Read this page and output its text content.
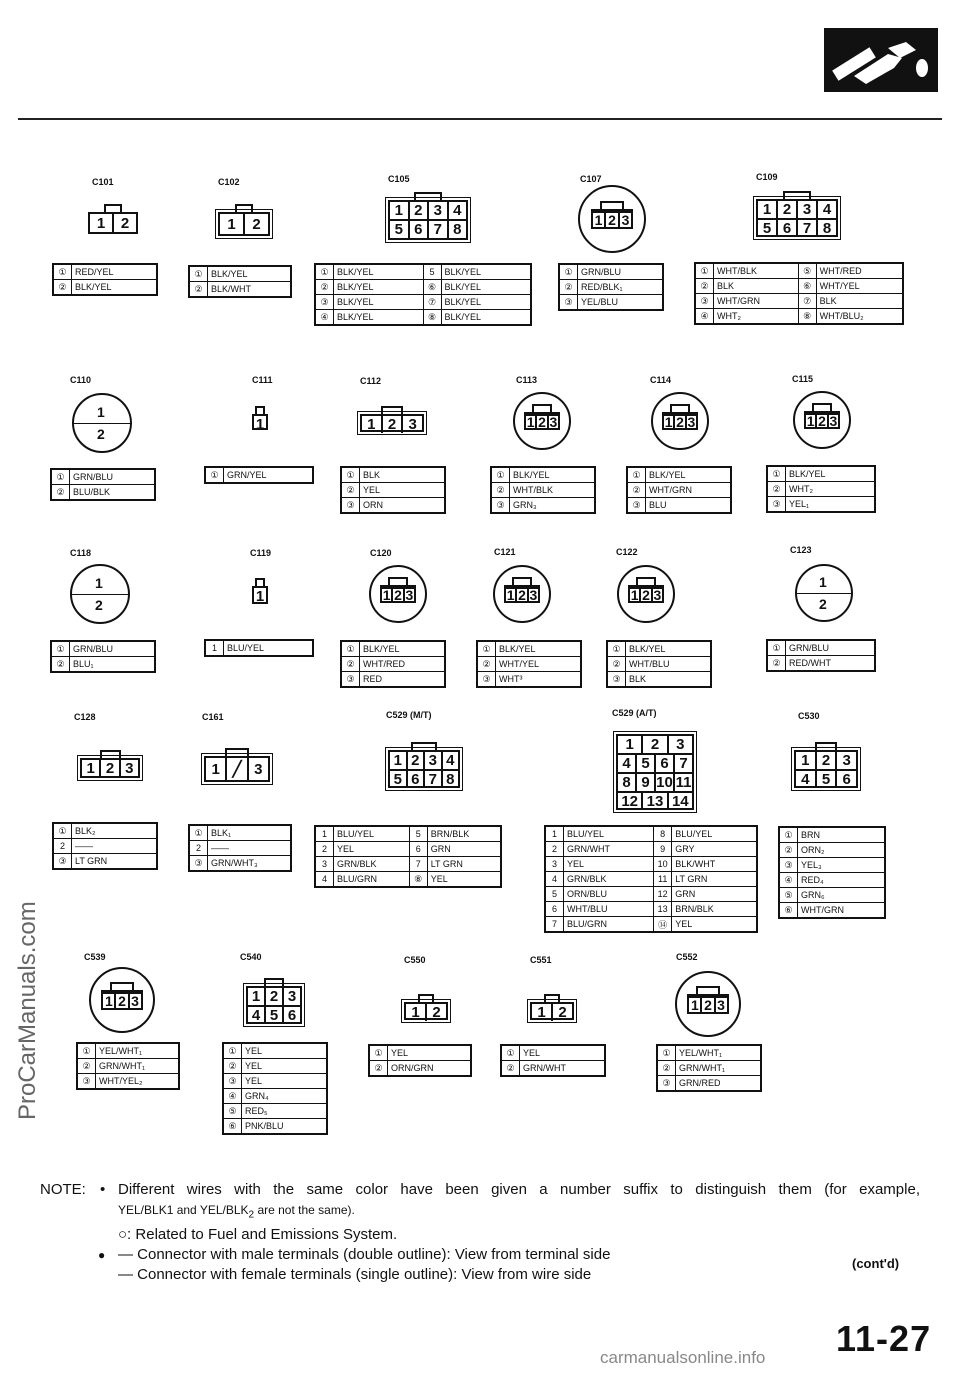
ProCarManuals.com
carmanualsonline.info
C101
1	2
①	RED/YEL
②	BLK/YEL
C102
1	2
①	BLK/YEL
②	BLK/WHT
C105
1 2 3 4
5 6 7 8
①	BLK/YEL	5	BLK/YEL
②	BLK/YEL	⑥	BLK/YEL
③	BLK/YEL	⑦	BLK/YEL
④	BLK/YEL	⑧	BLK/YEL
C107
1 2 3
①	GRN/BLU
②	RED/BLK₁
③	YEL/BLU
C109
1 2 3 4
5 6 7 8
①	WHT/BLK	⑤	WHT/RED
②	BLK	⑥	WHT/YEL
③	WHT/GRN	⑦	BLK
④	WHT₂	⑧	WHT/BLU₂
C110
1
2
①	GRN/BLU
②	BLU/BLK
C111
1
①	GRN/YEL
C112
1 2 3
①	BLK
②	YEL
③	ORN
C113
1 2 3
①	BLK/YEL
②	WHT/BLK
③	GRN₃
C114
1 2 3
①	BLK/YEL
②	WHT/GRN
③	BLU
C115
1 2 3
①	BLK/YEL
②	WHT₂
③	YEL₁
C118
1
2
①	GRN/BLU
②	BLU₁
C119
1
1	BLU/YEL
C120
1 2 3
①	BLK/YEL
②	WHT/RED
③	RED
C121
1 2 3
①	BLK/YEL
②	WHT/YEL
③	WHT³
C122
1 2 3
①	BLK/YEL
②	WHT/BLU
③	BLK
C123
1
2
①	GRN/BLU
②	RED/WHT
C128
1 2 3
①	BLK₂
2	——
③	LT GRN
C161
1 ╱ 3
①	BLK₁
2	——
③	GRN/WHT₃
C529 (M/T)
1 2 3 4
5 6 7 8
1	BLU/YEL	5	BRN/BLK
2	YEL	6	GRN
3	GRN/BLK	7	LT GRN
4	BLU/GRN	⑧	YEL
C529 (A/T)
1	2	3
4 5 6 7
8 9 10 11
12 13 14
1	BLU/YEL	8	BLU/YEL
2	GRN/WHT	9	GRY
3	YEL	10	BLK/WHT
4	GRN/BLK	11	LT GRN
5	ORN/BLU	12	GRN
6	WHT/BLU	13	BRN/BLK
7	BLU/GRN	⑭	YEL
C530
1 2 3
4 5 6
①	BRN
②	ORN₂
③	YEL₃
④	RED₄
⑤	GRN₆
⑥	WHT/GRN
C539
1 2 3
①	YEL/WHT₁
②	GRN/WHT₁
③	WHT/YEL₂
C540
1 2 3
4 5 6
①	YEL
②	YEL
③	YEL
④	GRN₄
⑤	RED₅
⑥	PNK/BLU
C550
1 2
①	YEL
②	ORN/GRN
C551
1 2
①	YEL
②	GRN/WHT
C552
1 2 3
①	YEL/WHT₁
②	GRN/WHT₁
③	GRN/RED
NOTE: • Different wires with the same color have been given a number suffix to distinguish them (for example,
YEL/BLK1 and YEL/$BLK_2$ are not the same).
○: Related to Fuel and Emissions System.
● — Connector with male terminals (double outline): View from terminal side
— Connector with female terminals (single outline): View from wire side
(cont'd)
11-27
